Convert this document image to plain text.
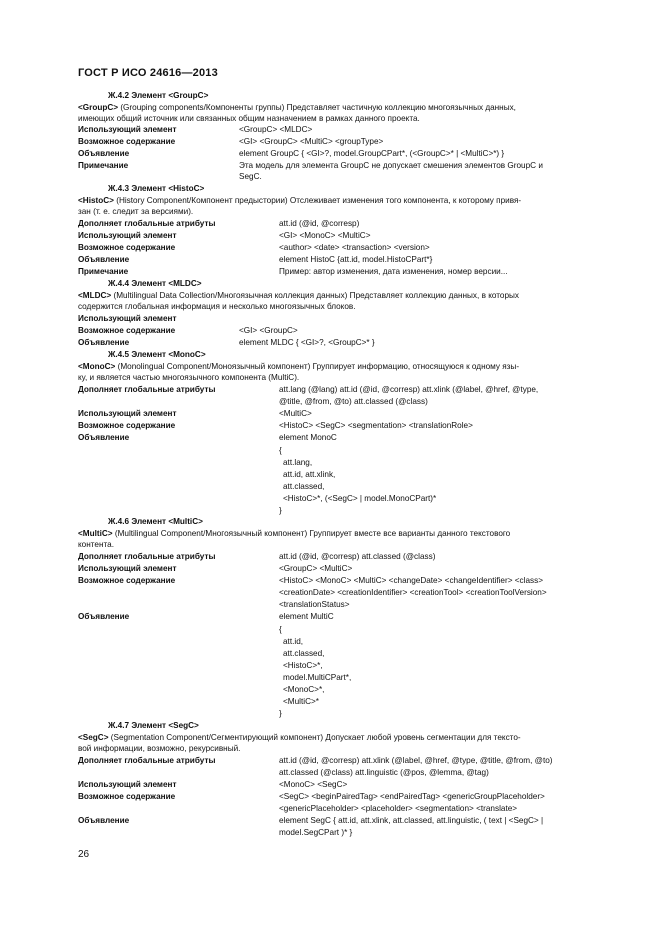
ГОСТ Р ИСО 24616—2013
Ж.4.2 Элемент <GroupC>
<GroupC> (Grouping components/Компоненты группы) Представляет частичную коллекцию многоязычных данных,
имеющих общий источник или связанных общим назначением в рамках данного проекта.
Использующий элемент	<GroupC> <MLDC>
Возможное содержание	<GI> <GroupC> <MultiC> <groupType>
Объявление	element GroupC { <GI>?, model.GroupCPart*, (<GroupC>* | <MultiC>*) }
Примечание	Эта модель для элемента GroupC не допускает смешения элементов GroupC и
SegC.
Ж.4.3 Элемент <HistoC>
<HistoC> (History Component/Компонент предыстории) Отслеживает изменения того компонента, к которому привя-
зан (т. е. следит за версиями).
Дополняет глобальные атрибуты	att.id (@id, @corresp)
Использующий элемент	<GI> <MonoC> <MultiC>
Возможное содержание	<author> <date> <transaction> <version>
Объявление	element HistoC {att.id, model.HistoCPart*}
Примечание	Пример: автор изменения, дата изменения, номер версии...
Ж.4.4 Элемент <MLDC>
<MLDC> (Multilingual Data Collection/Многоязычная коллекция данных) Представляет коллекцию данных, в которых
содержится глобальная информация и несколько многоязычных блоков.
Использующий элемент
Возможное содержание	<GI> <GroupC>
Объявление	element MLDC { <GI>?, <GroupC>* }
Ж.4.5 Элемент <MonoC>
<MonoC> (Monolingual Component/Моноязычный компонент) Группирует информацию, относящуюся к одному язы-
ку, и является частью многоязычного компонента (MultiC).
Дополняет глобальные атрибуты	att.lang (@lang) att.id (@id, @corresp) att.xlink (@label, @href, @type,
@title, @from, @to) att.classed (@class)
Использующий элемент	<MultiC>
Возможное содержание	<HistoC> <SegC> <segmentation> <translationRole>
Объявление	element MonoC
{
att.lang,
att.id, att.xlink,
att.classed,
<HistoC>*, (<SegC> | model.MonoCPart)*
}
Ж.4.6 Элемент <MultiC>
<MultiC> (Multilingual Component/Многоязычный компонент) Группирует вместе все варианты данного текстового
контента.
Дополняет глобальные атрибуты	att.id (@id, @corresp) att.classed (@class)
Использующий элемент	<GroupC> <MultiC>
Возможное содержание	<HistoC> <MonoC> <MultiC> <changeDate> <changeIdentifier> <class>
<creationDate> <creationIdentifier> <creationTool> <creationToolVersion>
<translationStatus>
Объявление	element MultiC
{
att.id,
att.classed,
<HistoC>*,
model.MultiCPart*,
<MonoC>*,
<MultiC>*
}
Ж.4.7 Элемент <SegC>
<SegC> (Segmentation Component/Сегментирующий компонент) Допускает любой уровень сегментации для тексто-
вой информации, возможно, рекурсивный.
Дополняет глобальные атрибуты	att.id (@id, @corresp) att.xlink (@label, @href, @type, @title, @from, @to)
att.classed (@class) att.linguistic (@pos, @lemma, @tag)
Использующий элемент	<MonoC> <SegC>
Возможное содержание	<SegC> <beginPairedTag> <endPairedTag> <genericGroupPlaceholder>
<genericPlaceholder> <placeholder> <segmentation> <translate>
Объявление	element SegC { att.id, att.xlink, att.classed, att.linguistic, ( text | <SegC> |
model.SegCPart )* }
26
